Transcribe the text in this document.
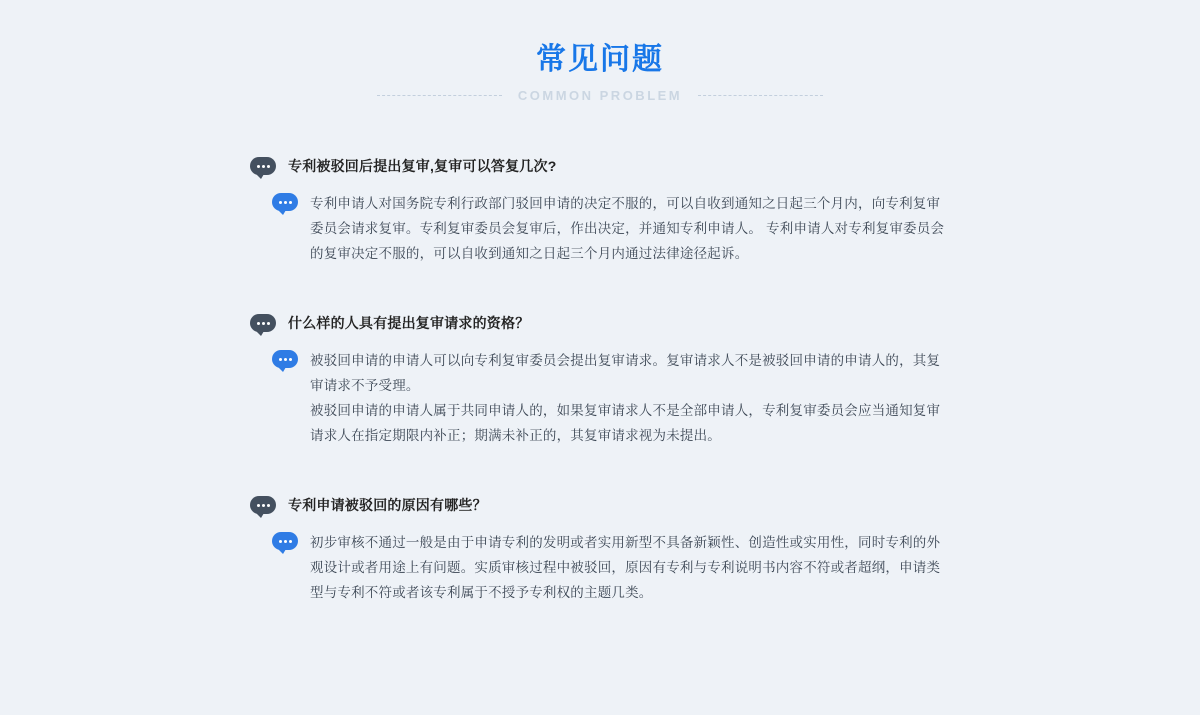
常见问题
COMMON PROBLEM
专利被驳回后提出复审,复审可以答复几次?

专利申请人对国务院专利行政部门驳回申请的决定不服的，可以自收到通知之日起三个月内，向专利复审委员会请求复审。专利复审委员会复审后，作出决定，并通知专利申请人。 专利申请人对专利复审委员会的复审决定不服的，可以自收到通知之日起三个月内通过法律途径起诉。

什么样的人具有提出复审请求的资格？

被驳回申请的申请人可以向专利复审委员会提出复审请求。复审请求人不是被驳回申请的申请人的，其复审请求不予受理。

被驳回申请的申请人属于共同申请人的，如果复审请求人不是全部申请人，专利复审委员会应当通知复审请求人在指定期限内补正；期满未补正的，其复审请求视为未提出。

专利申请被驳回的原因有哪些？

初步审核不通过一般是由于申请专利的发明或者实用新型不具备新颖性、创造性或实用性，同时专利的外观设计或者用途上有问题。实质审核过程中被驳回，原因有专利与专利说明书内容不符或者超纲，申请类型与专利不符或者该专利属于不授予专利权的主题几类。
